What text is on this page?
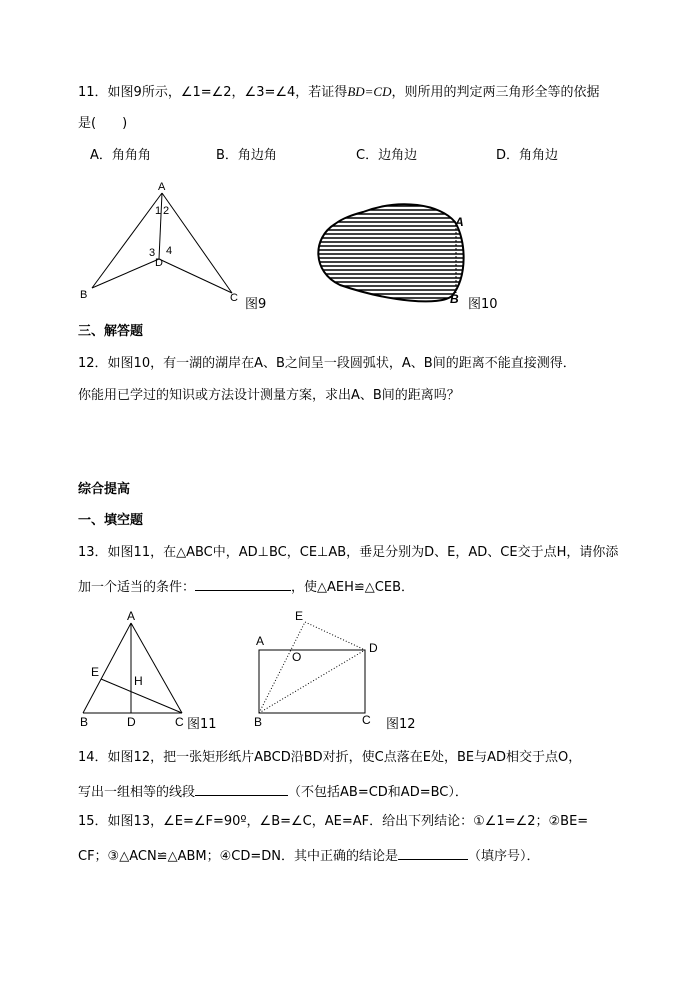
11．如图9所示，∠1=∠2，∠3=∠4，若证得BD=CD，则所用的判定两三角形全等的依据
是(　　)
A．角角角	B．角边角	C．边角边	D．角角边
A
B	C
D
1 2
3 4
图9
A
B 图10
三、解答题
12．如图10，有一湖的湖岸在A、B之间呈一段圆弧状，A、B间的距离不能直接测得．
你能用已学过的知识或方法设计测量方案，求出A、B间的距离吗？
综合提高
一、填空题
13．如图11，在△ABC中，AD⊥BC，CE⊥AB，垂足分别为D、E，AD、CE交于点H，请你添
加一个适当的条件：	，使△AEH≌△CEB．
A
B	C
D
E
H
图11
A
B	C
D
E
O
图12
14．如图12，把一张矩形纸片ABCD沿BD对折，使C点落在E处，BE与AD相交于点O，
写出一组相等的线段	（不包括AB=CD和AD=BC）．
15．如图13，∠E=∠F=90º，∠B=∠C，AE=AF．给出下列结论：①∠1=∠2；②BE=
CF；③△ACN≌△ABM；④CD=DN．其中正确的结论是	（填序号）．
